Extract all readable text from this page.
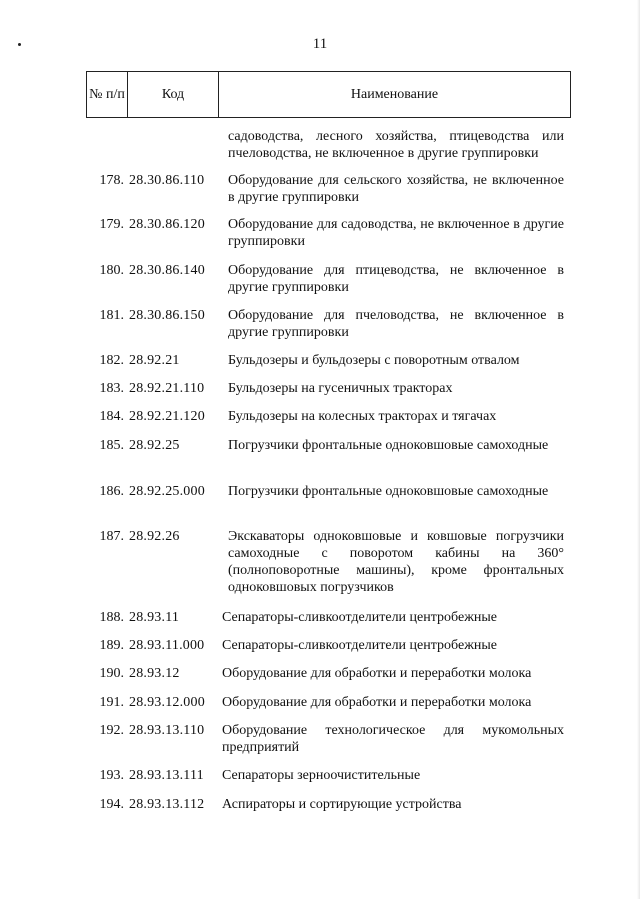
11
№ п/п	Код	Наименование
садоводства, лесного хозяйства, птицеводства или пчеловодства, не включенное в другие группировки
178. 28.30.86.110	Оборудование для сельского хозяйства, не включенное в другие группировки
179. 28.30.86.120	Оборудование для садоводства, не включенное в другие группировки
180. 28.30.86.140	Оборудование для птицеводства, не включенное в другие группировки
181. 28.30.86.150	Оборудование для пчеловодства, не включенное в другие группировки
182. 28.92.21	Бульдозеры и бульдозеры с поворотным отвалом
183. 28.92.21.110	Бульдозеры на гусеничных тракторах
184. 28.92.21.120	Бульдозеры на колесных тракторах и тягачах
185. 28.92.25	Погрузчики фронтальные одноковшовые самоходные
186. 28.92.25.000	Погрузчики фронтальные одноковшовые самоходные
187. 28.92.26	Экскаваторы одноковшовые и ковшовые погрузчики самоходные с поворотом кабины на 360° (полноповоротные машины), кроме фронтальных одноковшовых погрузчиков
188. 28.93.11	Сепараторы-сливкоотделители центробежные
189. 28.93.11.000	Сепараторы-сливкоотделители центробежные
190. 28.93.12	Оборудование для обработки и переработки молока
191. 28.93.12.000	Оборудование для обработки и переработки молока
192. 28.93.13.110	Оборудование технологическое для мукомольных предприятий
193. 28.93.13.111	Сепараторы зерноочистительные
194. 28.93.13.112	Аспираторы и сортирующие устройства
